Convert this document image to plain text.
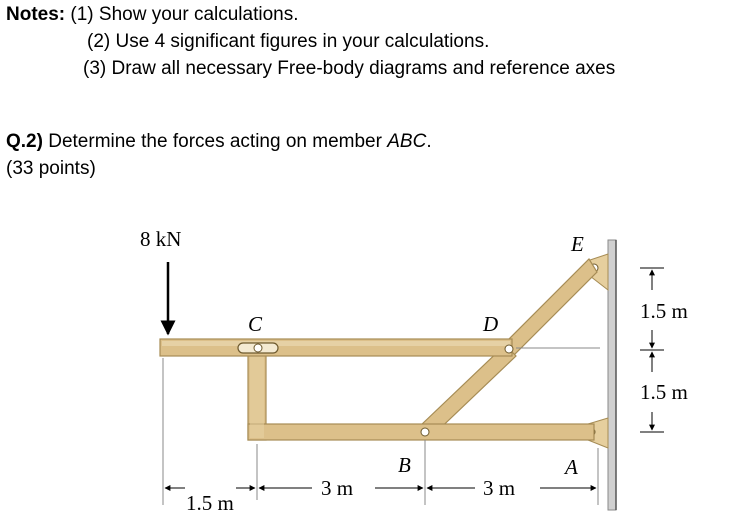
Notes: (1) Show your calculations.
(2) Use 4 significant figures in your calculations.
(3) Draw all necessary Free-body diagrams and reference axes
Q.2) Determine the forces acting on member ABC.
(33 points)
8 kN
C	D
E
B	A
1.5 m
1.5 m
1.5 m
3 m	3 m
